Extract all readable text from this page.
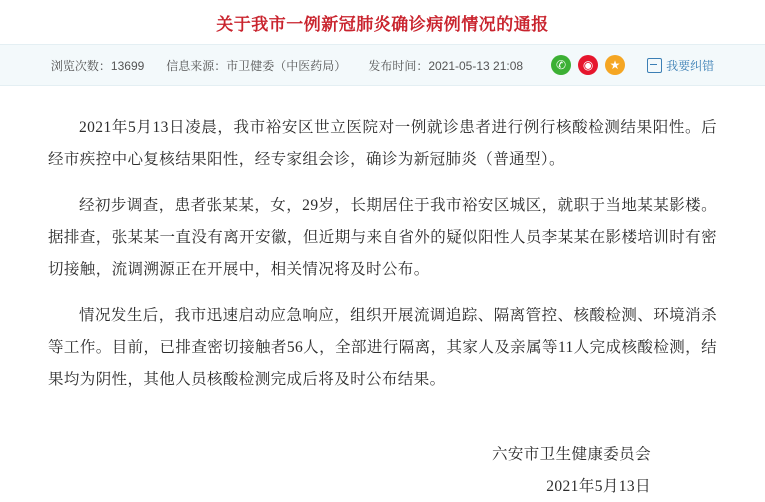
关于我市一例新冠肺炎确诊病例情况的通报
浏览次数：13699 信息来源：市卫健委（中医药局） 发布时间：2021-05-13 21:08	✆	◉	★	我要纠错

2021年5月13日凌晨，我市裕安区世立医院对一例就诊患者进行例行核酸检测结果阳性。后经市疾控中心复核结果阳性，经专家组会诊，确诊为新冠肺炎（普通型）。

经初步调查，患者张某某，女，29岁，长期居住于我市裕安区城区，就职于当地某某影楼。据排查，张某某一直没有离开安徽，但近期与来自省外的疑似阳性人员李某某在影楼培训时有密切接触，流调溯源正在开展中，相关情况将及时公布。

情况发生后，我市迅速启动应急响应，组织开展流调追踪、隔离管控、核酸检测、环境消杀等工作。目前，已排查密切接触者56人，全部进行隔离，其家人及亲属等11人完成核酸检测，结果均为阴性，其他人员核酸检测完成后将及时公布结果。

六安市卫生健康委员会
2021年5月13日
